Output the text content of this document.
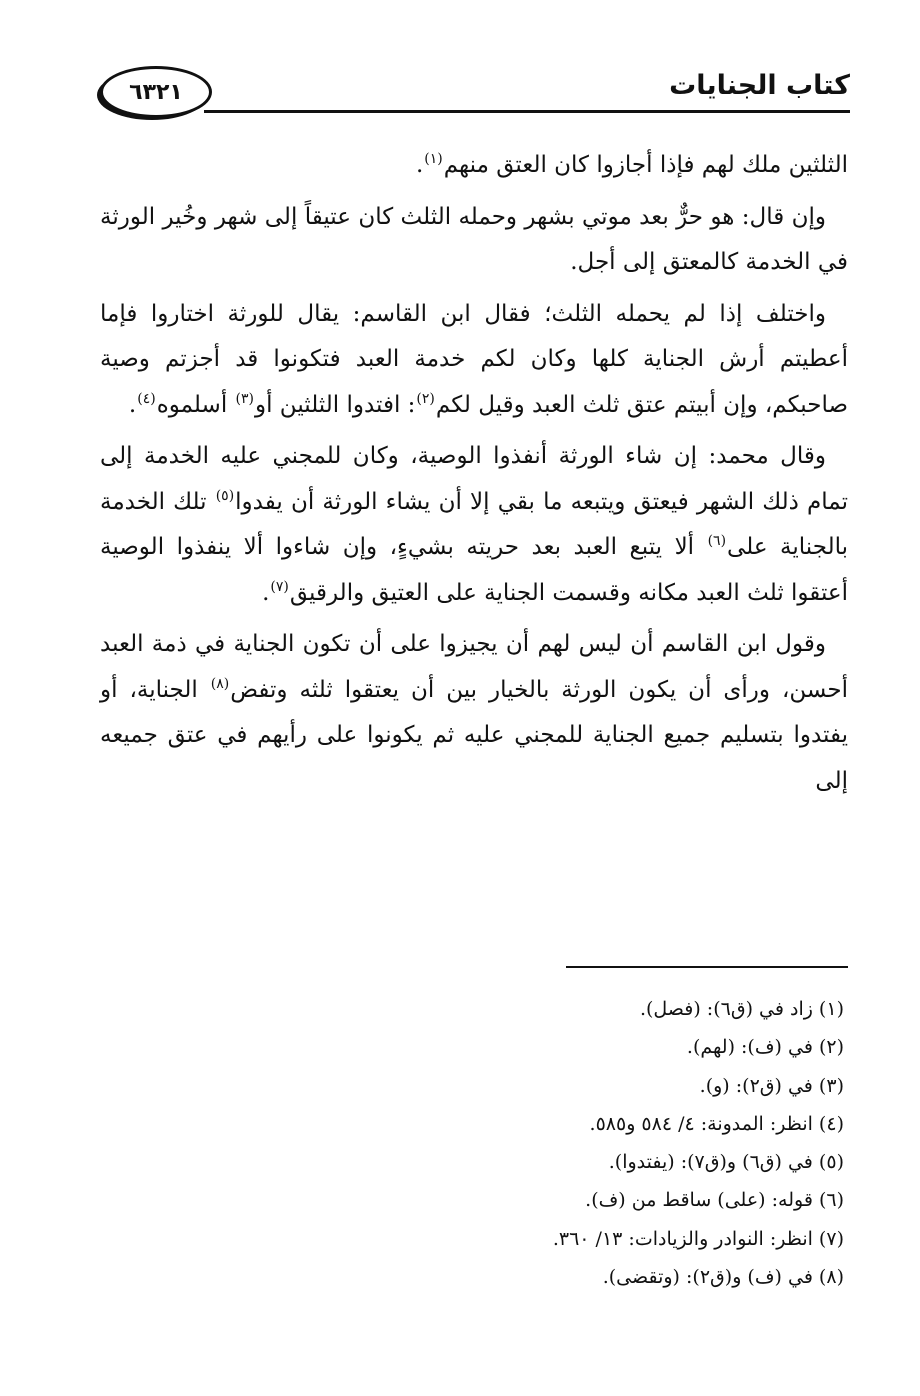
٦٣٢١	كتاب الجنايات

الثلثين ملك لهم فإذا أجازوا كان العتق منهم$^{(١)}$.

وإن قال: هو حرٌّ بعد موتي بشهر وحمله الثلث كان عتيقاً إلى شهر وخُير الورثة في الخدمة كالمعتق إلى أجل.

واختلف إذا لم يحمله الثلث؛ فقال ابن القاسم: يقال للورثة اختاروا فإما أعطيتم أرش الجناية كلها وكان لكم خدمة العبد فتكونوا قد أجزتم وصية صاحبكم، وإن أبيتم عتق ثلث العبد وقيل لكم$^{(٢)}$: افتدوا الثلثين أو$^{(٣)}$ أسلموه$^{(٤)}$.

وقال محمد: إن شاء الورثة أنفذوا الوصية، وكان للمجني عليه الخدمة إلى تمام ذلك الشهر فيعتق ويتبعه ما بقي إلا أن يشاء الورثة أن يفدوا$^{(٥)}$ تلك الخدمة بالجناية على$^{(٦)}$ ألا يتبع العبد بعد حريته بشيءٍ، وإن شاءوا ألا ينفذوا الوصية أعتقوا ثلث العبد مكانه وقسمت الجناية على العتيق والرقيق$^{(٧)}$.

وقول ابن القاسم أن ليس لهم أن يجيزوا على أن تكون الجناية في ذمة العبد أحسن، ورأى أن يكون الورثة بالخيار بين أن يعتقوا ثلثه وتفض$^{(٨)}$ الجناية، أو يفتدوا بتسليم جميع الجناية للمجني عليه ثم يكونوا على رأيهم في عتق جميعه إلى

(١) زاد في (ق٦): (فصل).

(٢) في (ف): (لهم).

(٣) في (ق٢): (و).

(٤) انظر: المدونة: ٤/ ٥٨٤ و٥٨٥.

(٥) في (ق٦) و(ق٧): (يفتدوا).

(٦) قوله: (على) ساقط من (ف).

(٧) انظر: النوادر والزيادات: ١٣/ ٣٦٠.

(٨) في (ف) و(ق٢): (وتقضى).
